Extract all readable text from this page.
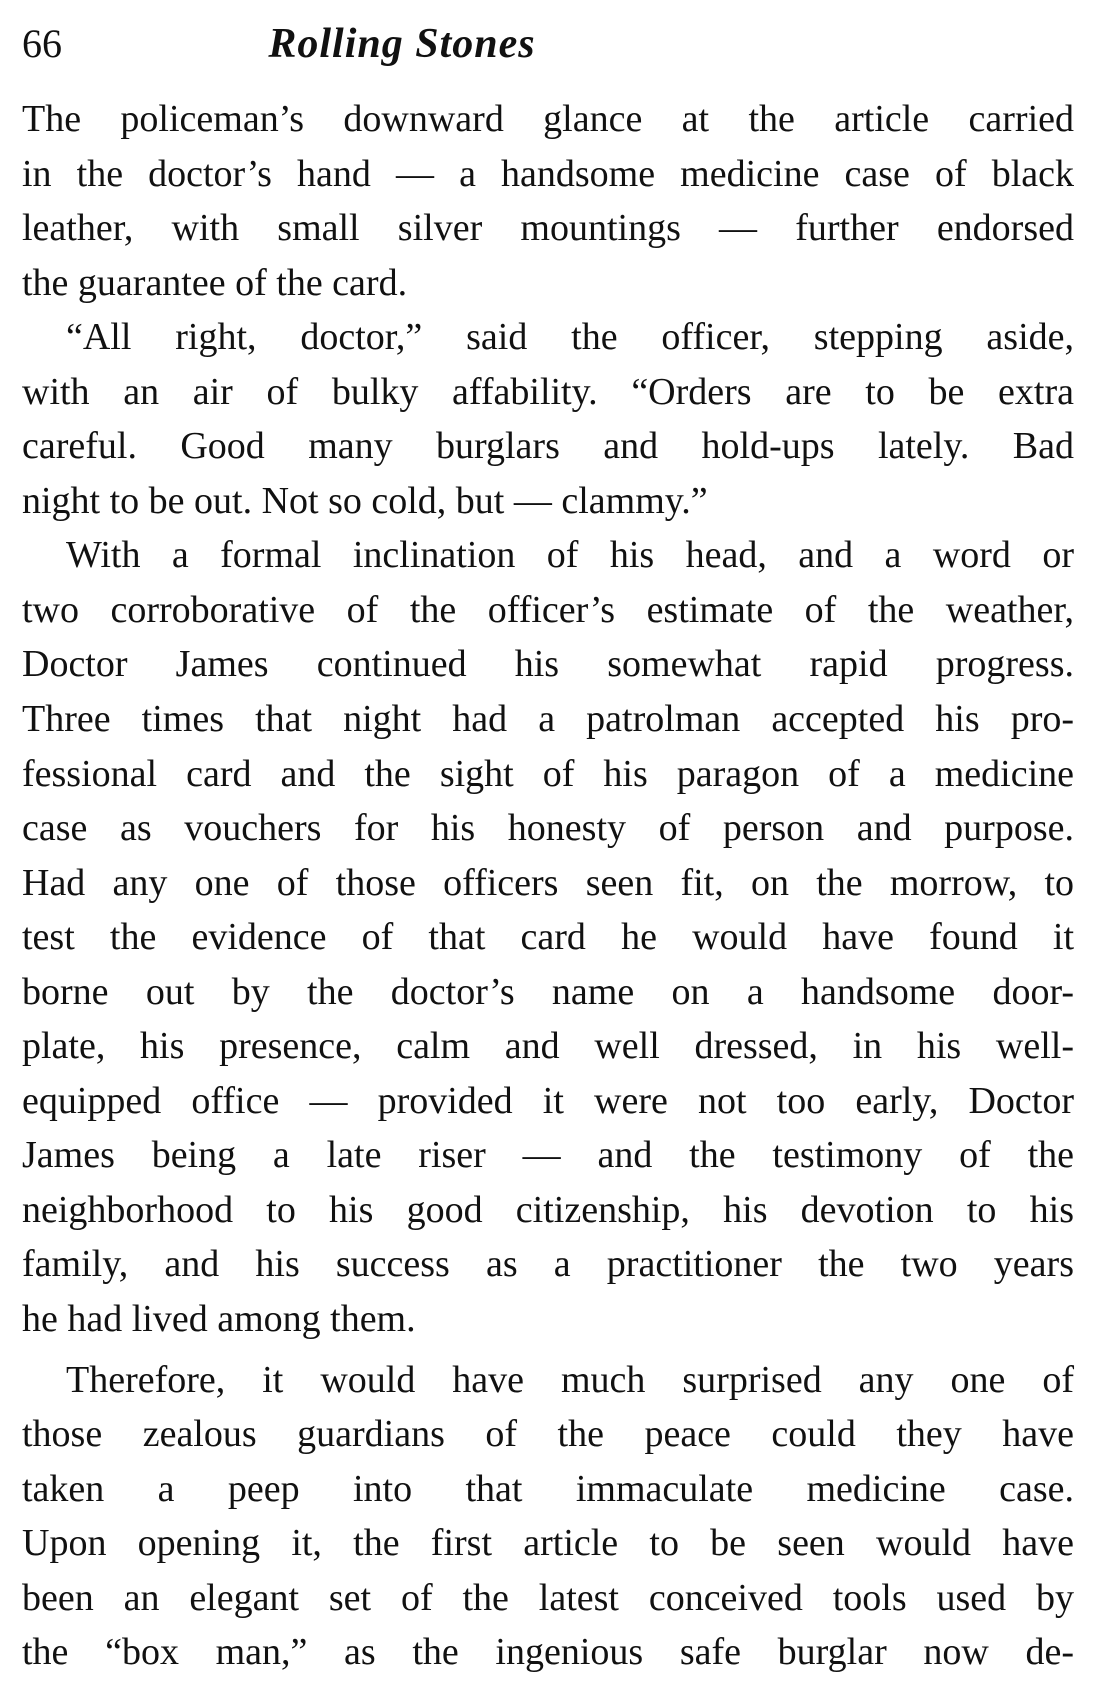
66	Rolling Stones
The policeman’s downward glance at the article carried
in the doctor’s hand — a handsome medicine case of black
leather, with small silver mountings — further endorsed
the guarantee of the card.
“All right, doctor,” said the officer, stepping aside,
with an air of bulky affability. “Orders are to be extra
careful. Good many burglars and hold-ups lately. Bad
night to be out. Not so cold, but — clammy.”
With a formal inclination of his head, and a word or
two corroborative of the officer’s estimate of the weather,
Doctor James continued his somewhat rapid progress.
Three times that night had a patrolman accepted his pro-
fessional card and the sight of his paragon of a medicine
case as vouchers for his honesty of person and purpose.
Had any one of those officers seen fit, on the morrow, to
test the evidence of that card he would have found it
borne out by the doctor’s name on a handsome door-
plate, his presence, calm and well dressed, in his well-
equipped office — provided it were not too early, Doctor
James being a late riser — and the testimony of the
neighborhood to his good citizenship, his devotion to his
family, and his success as a practitioner the two years
he had lived among them.
Therefore, it would have much surprised any one of
those zealous guardians of the peace could they have
taken a peep into that immaculate medicine case.
Upon opening it, the first article to be seen would have
been an elegant set of the latest conceived tools used by
the “box man,” as the ingenious safe burglar now de-
